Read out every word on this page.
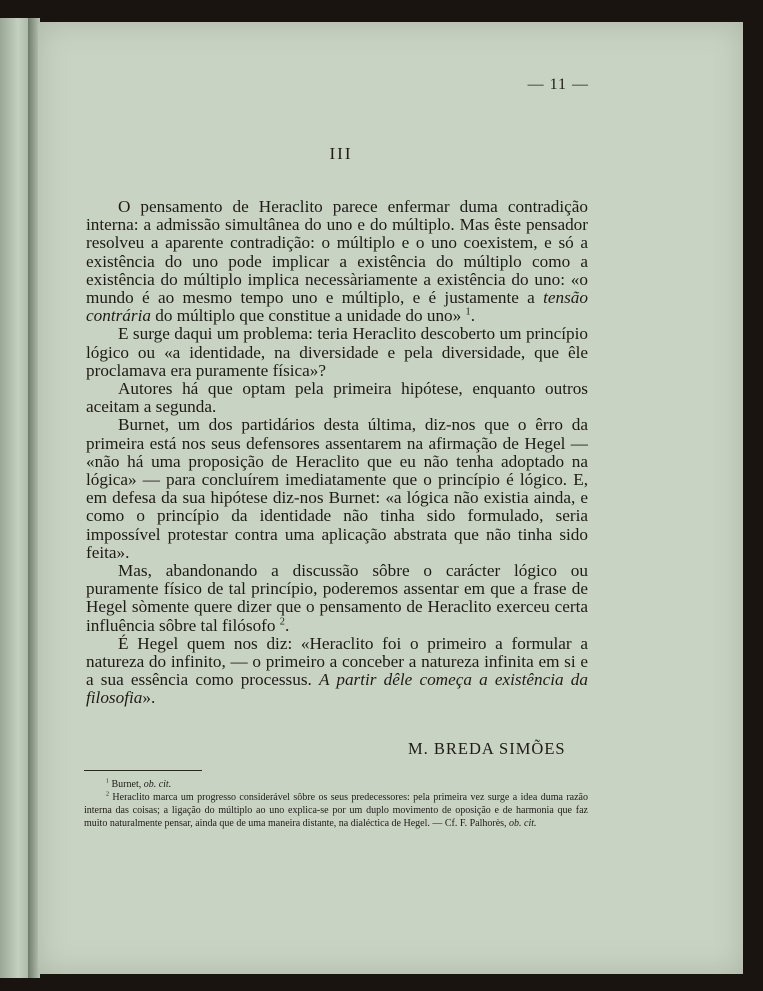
— 11 —
III

O pensamento de Heraclito parece enfermar duma contradição interna: a admissão simultânea do uno e do múltiplo. Mas êste pensador resolveu a aparente contradição: o múltiplo e o uno coexistem, e só a existência do uno pode implicar a existência do múltiplo como a existência do múltiplo implica necessàriamente a existência do uno: «o mundo é ao mesmo tempo uno e múltiplo, e é justamente a tensão contrária do múltiplo que constitue a unidade do uno» $^1$.

E surge daqui um problema: teria Heraclito descoberto um princípio lógico ou «a identidade, na diversidade e pela diversidade, que êle proclamava era puramente física»?

Autores há que optam pela primeira hipótese, enquanto outros aceitam a segunda.

Burnet, um dos partidários desta última, diz-nos que o êrro da primeira está nos seus defensores assentarem na afirmação de Hegel — «não há uma proposição de Heraclito que eu não tenha adoptado na lógica» — para concluírem imediatamente que o princípio é lógico. E, em defesa da sua hipótese diz-nos Burnet: «a lógica não existia ainda, e como o princípio da identidade não tinha sido formulado, seria impossível protestar contra uma aplicação abstrata que não tinha sido feita».

Mas, abandonando a discussão sôbre o carácter lógico ou puramente físico de tal princípio, poderemos assentar em que a frase de Hegel sòmente quere dizer que o pensamento de Heraclito exerceu certa influência sôbre tal filósofo $^2$.

É Hegel quem nos diz: «Heraclito foi o primeiro a formular a natureza do infinito, — o primeiro a conceber a natureza infinita em si e a sua essência como processus. A partir dêle começa a existência da filosofia».

M. BREDA SIMÕES

$^1$ Burnet, ob. cit.

$^2$ Heraclito marca um progresso considerável sôbre os seus predecessores: pela primeira vez surge a idea duma razão interna das coisas; a ligação do múltiplo ao uno explica-se por um duplo movimento de oposição e de harmonia que faz muito naturalmente pensar, ainda que de uma maneira distante, na dialéctica de Hegel. — Cf. F. Palhorès, ob. cit.
